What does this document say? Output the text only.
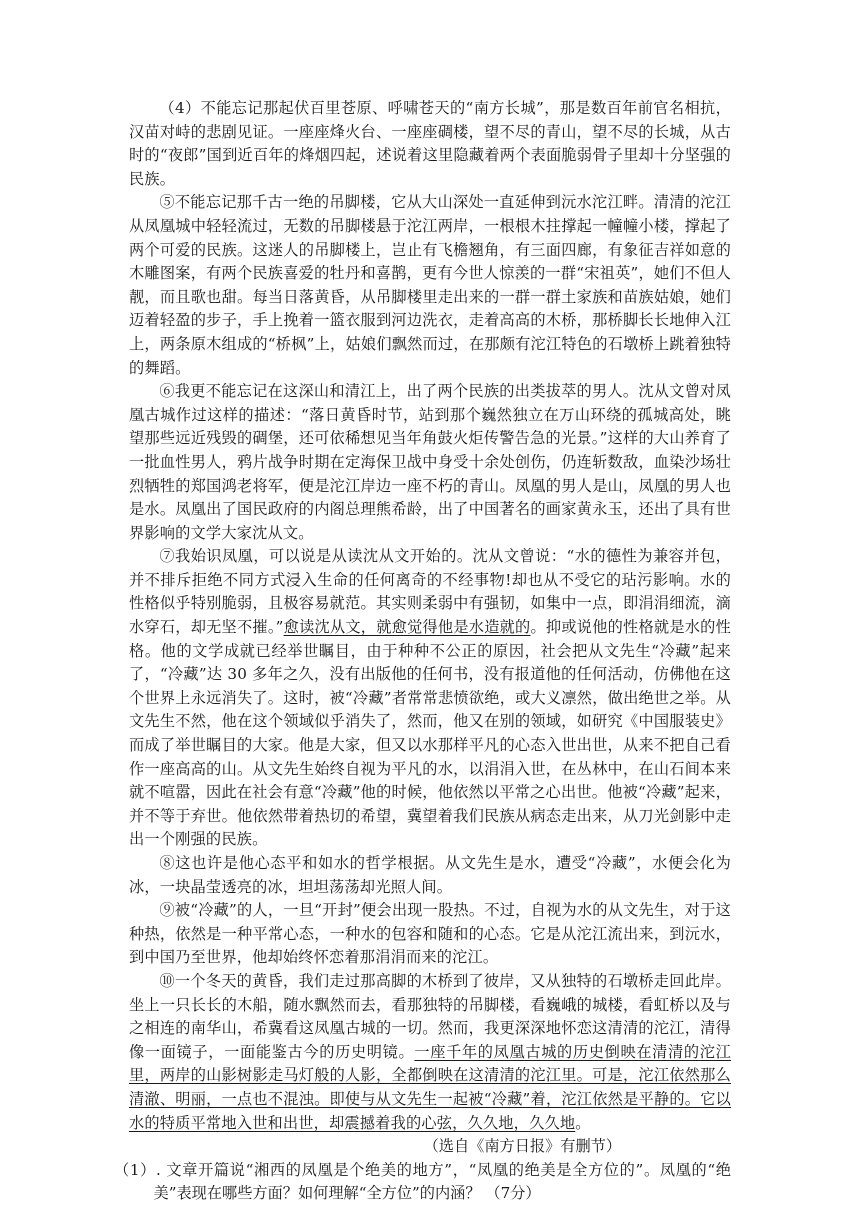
（4）不能忘记那起伏百里苍原、呼啸苍天的“南方长城”，那是数百年前官名相抗，汉苗对峙的悲剧见证。一座座烽火台、一座座碉楼，望不尽的青山，望不尽的长城，从古时的“夜郎”国到近百年的烽烟四起，述说着这里隐藏着两个表面脆弱骨子里却十分坚强的民族。

⑤不能忘记那千古一绝的吊脚楼，它从大山深处一直延伸到沅水沱江畔。清清的沱江从凤凰城中轻轻流过，无数的吊脚楼悬于沱江两岸，一根根木拄撑起一幢幢小楼，撑起了两个可爱的民族。这迷人的吊脚楼上，岂止有飞檐翘角，有三面四廊，有象征吉祥如意的木雕图案，有两个民族喜爱的牡丹和喜鹊，更有今世人惊羡的一群“宋祖英”，她们不但人靓，而且歌也甜。每当日落黄昏，从吊脚楼里走出来的一群一群土家族和苗族姑娘，她们迈着轻盈的步子，手上挽着一篮衣服到河边洗衣，走着高高的木桥，那桥脚长长地伸入江上，两条原木组成的“桥枫”上，姑娘们飘然而过，在那颇有沱江特色的石墩桥上跳着独特的舞蹈。

⑥我更不能忘记在这深山和清江上，出了两个民族的出类拔萃的男人。沈从文曾对凤凰古城作过这样的描述：“落日黄昏时节，站到那个巍然独立在万山环绕的孤城高处，眺望那些远近残毁的碉堡，还可依稀想见当年角鼓火炬传警告急的光景。”这样的大山养育了一批血性男人，鸦片战争时期在定海保卫战中身受十余处创伤，仍连斩数敌，血染沙场壮烈牺牲的郑国鸿老将军，便是沱江岸边一座不朽的青山。凤凰的男人是山，凤凰的男人也是水。凤凰出了国民政府的内阁总理熊希龄，出了中国著名的画家黄永玉，还出了具有世界影响的文学大家沈从文。

⑦我始识凤凰，可以说是从读沈从文开始的。沈从文曾说：“水的德性为兼容并包，并不排斥拒绝不同方式浸入生命的任何离奇的不经事物!却也从不受它的玷污影响。水的性格似乎特别脆弱，且极容易就范。其实则柔弱中有强韧，如集中一点，即涓涓细流，滴水穿石，却无坚不摧。”愈读沈从文，就愈觉得他是水造就的。抑或说他的性格就是水的性格。他的文学成就已经举世瞩目，由于种种不公正的原因，社会把从文先生“冷藏”起来了，“冷藏”达 30 多年之久，没有出版他的任何书，没有报道他的任何活动，仿佛他在这个世界上永远消失了。这时，被“冷藏”者常常悲愤欲绝，或大义凛然，做出绝世之举。从文先生不然，他在这个领域似乎消失了，然而，他又在别的领域，如研究《中国服装史》而成了举世瞩目的大家。他是大家，但又以水那样平凡的心态入世出世，从来不把自己看作一座高高的山。从文先生始终自视为平凡的水，以涓涓入世，在丛林中，在山石间本来就不喧嚣，因此在社会有意“冷藏”他的时候，他依然以平常之心出世。他被“冷藏”起来，并不等于弃世。他依然带着热切的希望，冀望着我们民族从病态走出来，从刀光剑影中走出一个刚强的民族。

⑧这也许是他心态平和如水的哲学根据。从文先生是水，遭受“冷藏”，水便会化为冰，一块晶莹透亮的冰，坦坦荡荡却光照人间。

⑨被“冷藏”的人，一旦“开封”便会出现一股热。不过，自视为水的从文先生，对于这种热，依然是一种平常心态，一种水的包容和随和的心态。它是从沱江流出来，到沅水，到中国乃至世界，他却始终怀恋着那涓涓而来的沱江。

⑩一个冬天的黄昏，我们走过那高脚的木桥到了彼岸，又从独特的石墩桥走回此岸。坐上一只长长的木船，随水飘然而去，看那独特的吊脚楼，看巍峨的城楼，看虹桥以及与之相连的南华山，希冀看这凤凰古城的一切。然而，我更深深地怀恋这清清的沱江，清得像一面镜子，一面能鉴古今的历史明镜。一座千年的凤凰古城的历史倒映在清清的沱江里，两岸的山影树影走马灯般的人影，全都倒映在这清清的沱江里。可是，沱江依然那么清澈、明丽，一点也不混浊。即使与从文先生一起被“冷藏”着，沱江依然是平静的。它以水的特质平常地入世和出世，却震撼着我的心弦，久久地，久久地。

（选自《南方日报》有删节）

（1）. 文章开篇说“湘西的凤凰是个绝美的地方”，“凤凰的绝美是全方位的”。凤凰的“绝美”表现在哪些方面？如何理解“全方位”的内涵？ （7分）
